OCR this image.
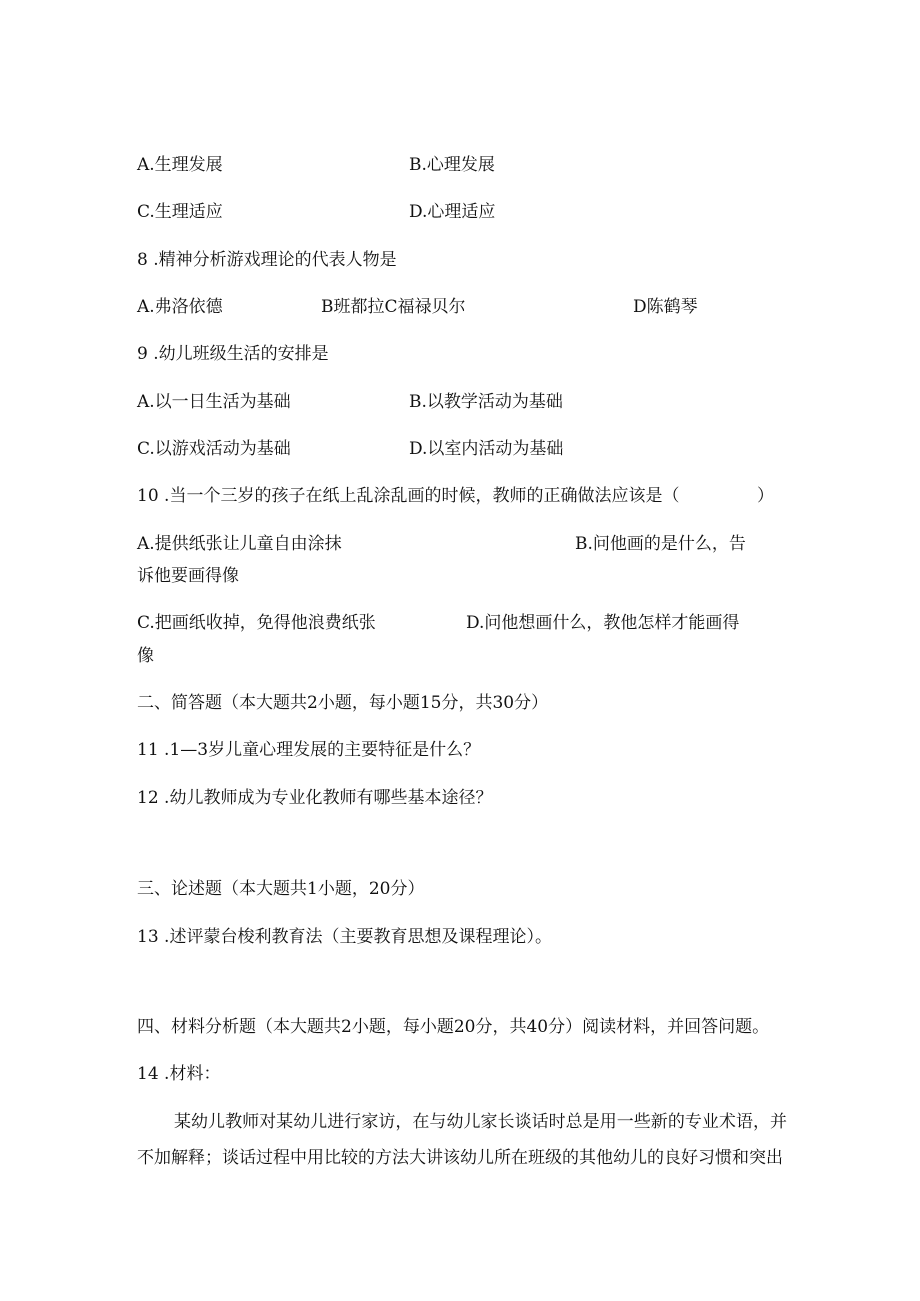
A.生理发展	B.心理发展
C.生理适应	D.心理适应
8 .精神分析游戏理论的代表人物是
A.弗洛依德	B班都拉C福禄贝尔	D陈鹤琴
9 .幼儿班级生活的安排是
A.以一日生活为基础	B.以教学活动为基础
C.以游戏活动为基础	D.以室内活动为基础
10 .当一个三岁的孩子在纸上乱涂乱画的时候，教师的正确做法应该是（	）
A.提供纸张让儿童自由涂抹	B.问他画的是什么，告
诉他要画得像
C.把画纸收掉，免得他浪费纸张	D.问他想画什么，教他怎样才能画得
像
二、简答题（本大题共2小题，每小题15分，共30分）
11 .1—3岁儿童心理发展的主要特征是什么？
12 .幼儿教师成为专业化教师有哪些基本途径？
三、论述题（本大题共1小题，20分）
13 .述评蒙台梭利教育法（主要教育思想及课程理论）。
四、材料分析题（本大题共2小题，每小题20分，共40分）阅读材料，并回答问题。
14 .材料：
某幼儿教师对某幼儿进行家访，在与幼儿家长谈话时总是用一些新的专业术语，并不加解释；谈话过程中用比较的方法大讲该幼儿所在班级的其他幼儿的良好习惯和突出
